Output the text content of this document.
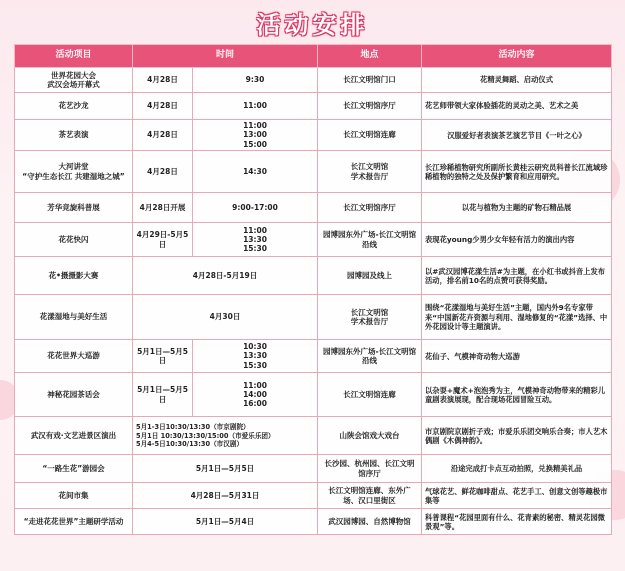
活动安排
活动项目	时间		地点	活动内容

世界花园大会
武汉会场开幕式	4月28日	9:30	长江文明馆门口	花精灵舞蹈、启动仪式

花艺沙龙	4月28日	11:00	长江文明馆序厅	花艺师带领大家体验插花的灵动之美、艺术之美

茶艺表演	4月28日	11:00
13:00
15:00	长江文明馆连廊	汉服爱好者表演茶艺演艺节目《一叶之心》

大河讲堂
“守护生态长江 共建湿地之城”	4月28日	14:30	长江文明馆
学术报告厅	长江珍稀植物研究所副所长黄桂云研究员科普长江流域珍稀植物的独特之处及保护繁育和应用研究。

芳华竞旋科普展	4月28日开展	9:00-17:00	长江文明馆序厅	以花与植物为主题的矿物石精品展

花花快闪	4月29日-5月5日	11:00
13:30
15:30	园博园东外广场-长江文明馆沿线	表现花young少男少女年轻有活力的演出内容

花•摄摄影大赛	4月28日-5月19日		园博园及线上	以#武汉园博花漾生活#为主题，在小红书或抖音上发布活动，排名前10名的点赞可获得奖励。

花漾湿地与美好生活	4月30日		长江文明馆
学术报告厅	围绕“花漾湿地与美好生活”主题，国内外9名专家带来“中国新花卉资源与利用、湿地修复的“花漾”选择、中外花园设计等主题演讲。

花花世界大巡游	5月1日—5月5日	10:30
13:30
15:30	园博园东外广场-长江文明馆沿线	花仙子、气模神奇动物大巡游

神秘花园茶话会	5月1日—5月5日	11:00
14:00
16:00	长江文明馆连廊	以杂耍+魔术+泡泡秀为主，气模神奇动物带来的精彩儿童剧表演展现，配合现场花园冒险互动。

武汉有戏·文艺进景区演出	5月1-3日10:30/13:30（市京剧院）
5月1日 10:30/13:30/15:00（市爱乐乐团）
5月4-5日10:30/13:30（市汉剧）		山陕会馆戏大戏台	市京剧院京剧折子戏；市爱乐乐团交响乐合奏；市人艺木偶剧《木偶神韵》。

“一路生花”游园会	5月1日—5月5日		长沙园、杭州园、长江文明馆序厅	沿途完成打卡点互动拍照，兑换精美礼品

花间市集	4月28日—5月31日		长江文明馆连廊、东外广场、汉口里街区	气球花艺、鲜花咖啡甜点、花艺手工、创意文创等趣极市集等

“走进花花世界”主题研学活动	5月1日—5月4日		武汉园博园、自然博物馆	科普课程“花园里面有什么、花青素的秘密、精灵花园微景观”等。
